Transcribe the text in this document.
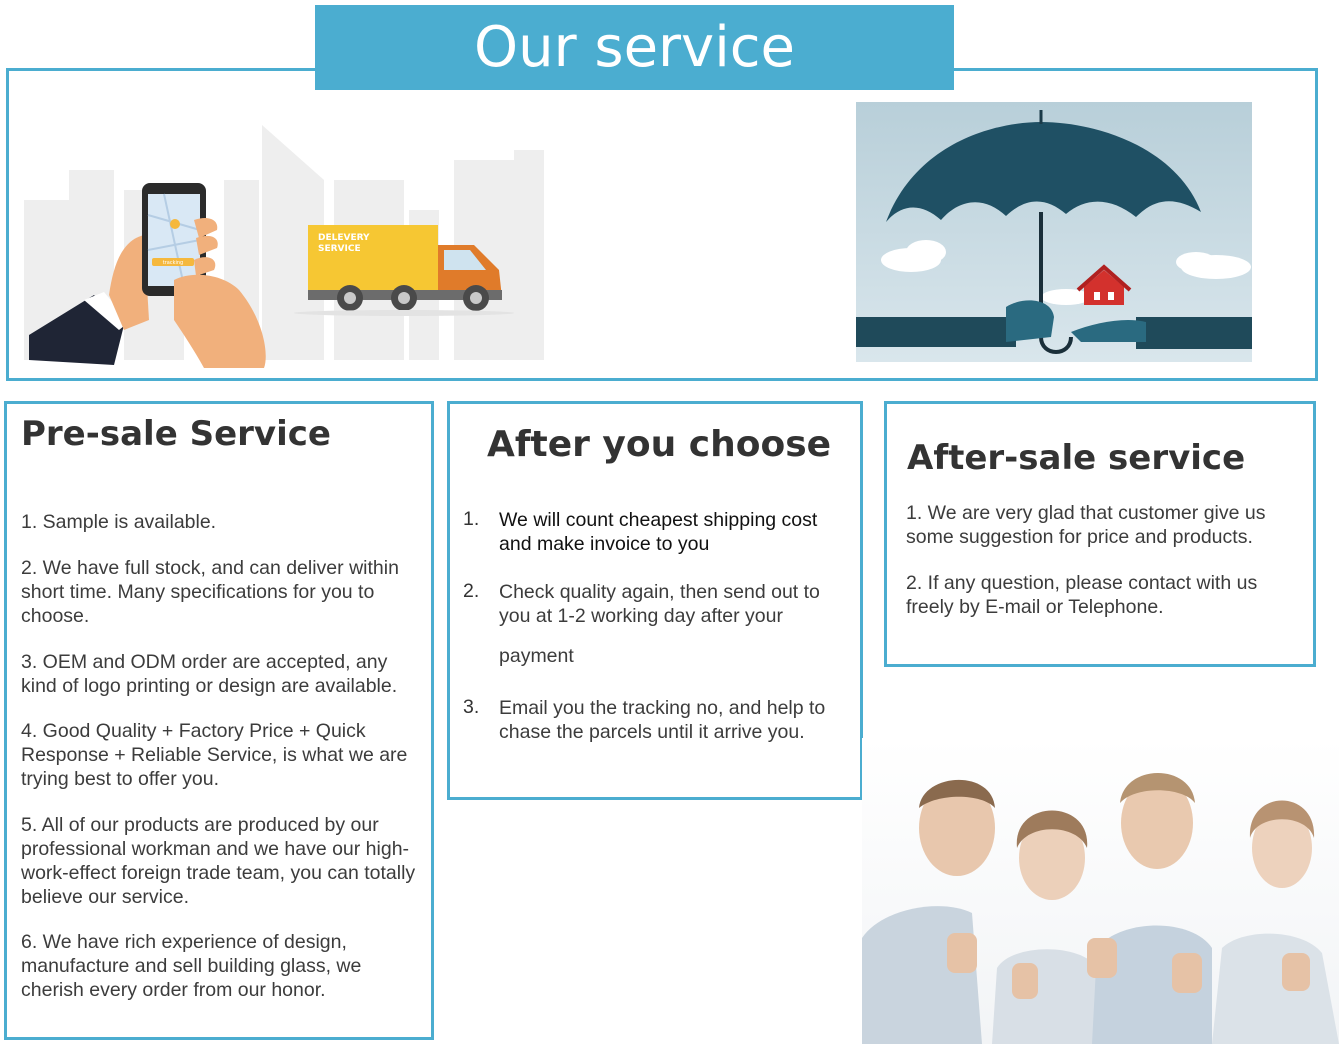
Our service
tracking
DELEVERY
SERVICE
Pre-sale Service

1. Sample is available.

2. We have full stock, and can deliver within short time. Many specifications for you to choose.

3. OEM and ODM order are accepted, any kind of logo printing or design are available.

4. Good Quality + Factory Price + Quick Response + Reliable Service, is what we are trying best to offer you.

5. All of our products are produced by our professional workman and we have our high-work-effect foreign trade team, you can totally believe our service.

6. We have rich experience of design, manufacture and sell building glass, we cherish every order from our honor.

After you choose
1. We will count cheapest shipping cost and make invoice to you

2. Check quality again, then send out to you at 1-2 working day after your

payment

3. Email you the tracking no, and help to chase the parcels until it arrive you.

After-sale service

1. We are very glad that customer give us some suggestion for price and products.

2. If any question, please contact with us freely by E-mail or Telephone.
